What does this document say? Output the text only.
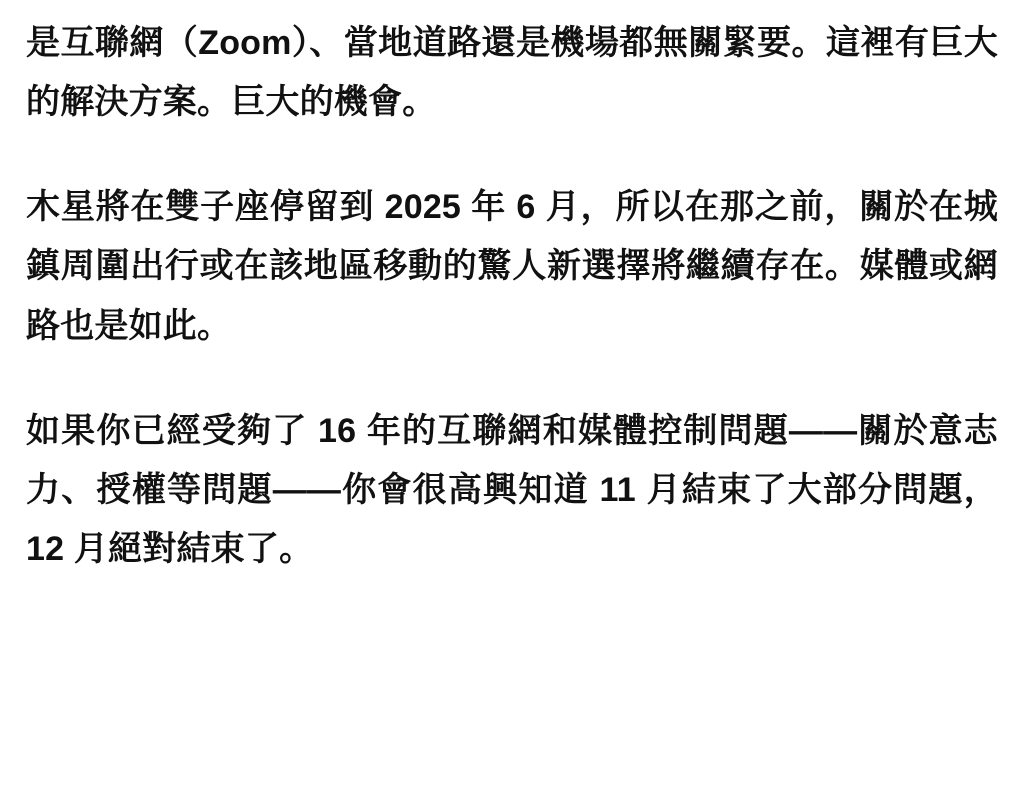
是互聯網（Zoom）、當地道路還是機場都無關緊要。這裡有巨大的解決方案。巨大的機會。

木星將在雙子座停留到 2025 年 6 月，所以在那之前，關於在城鎮周圍出行或在該地區移動的驚人新選擇將繼續存在。媒體或網路也是如此。

如果你已經受夠了 16 年的互聯網和媒體控制問題——關於意志力、授權等問題——你會很高興知道 11 月結束了大部分問題，12 月絕對結束了。
